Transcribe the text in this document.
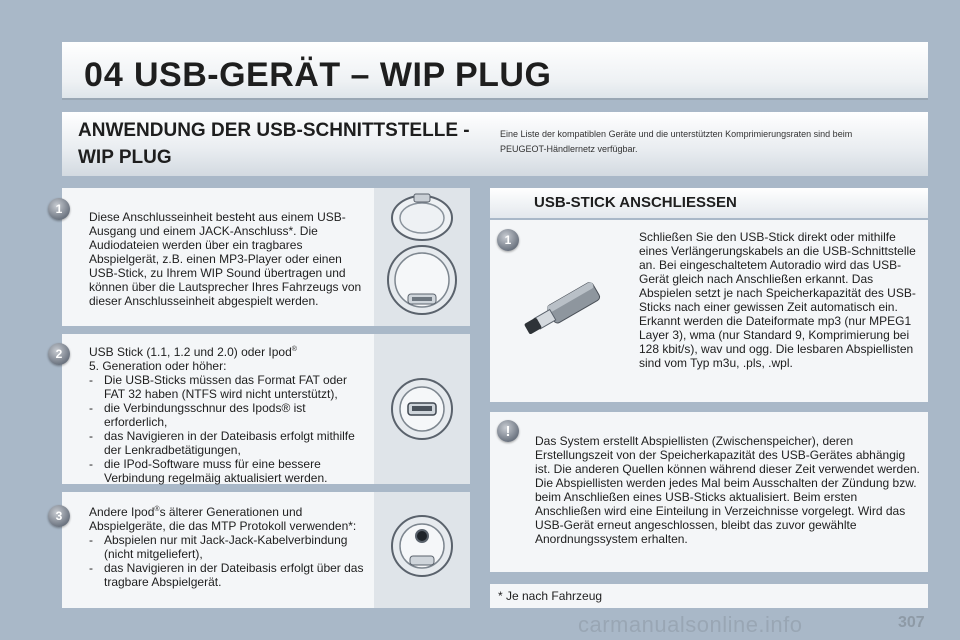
04 USB-GERÄT – WIP PLUG
ANWENDUNG DER USB-SCHNITTSTELLE - WIP PLUG
Eine Liste der kompatiblen Geräte und die unterstützten Komprimierungsraten sind beim PEUGEOT-Händlernetz verfügbar.
1
Diese Anschlusseinheit besteht aus einem USB-Ausgang und einem JACK-Anschluss*. Die Audiodateien werden über ein tragbares Abspielgerät, z.B. einen MP3-Player oder einen USB-Stick, zu Ihrem WIP Sound übertragen und können über die Lautsprecher Ihres Fahrzeugs von dieser Anschlusseinheit abgespielt werden.
2	USB Stick (1.1, 1.2 und 2.0) oder Ipod®
5. Generation oder höher:
- Die USB-Sticks müssen das Format FAT oder FAT 32 haben (NTFS wird nicht unterstützt),
- die Verbindungsschnur des Ipods® ist erforderlich,
- das Navigieren in der Dateibasis erfolgt mithilfe der Lenkradbetätigungen,
- die IPod-Software muss für eine bessere Verbindung regelmäig aktualisiert werden.
3	Andere Ipod®s älterer Generationen und Abspielgeräte, die das MTP Protokoll verwenden*:
- Abspielen nur mit Jack-Jack-Kabelverbindung (nicht mitgeliefert),
- das Navigieren in der Dateibasis erfolgt über das tragbare Abspielgerät.
USB-STICK ANSCHLIESSEN
1	Schließen Sie den USB-Stick direkt oder mithilfe eines Verlängerungskabels an die USB-Schnittstelle an. Bei eingeschaltetem Autoradio wird das USB-Gerät gleich nach Anschließen erkannt. Das Abspielen setzt je nach Speicherkapazität des USB-Sticks nach einer gewissen Zeit automatisch ein. Erkannt werden die Dateiformate mp3 (nur MPEG1 Layer 3), wma (nur Standard 9, Komprimierung bei 128 kbit/s), wav und ogg. Die lesbaren Abspiellisten sind vom Typ m3u, .pls, .wpl.
!
Das System erstellt Abspiellisten (Zwischenspeicher), deren Erstellungszeit von der Speicherkapazität des USB-Gerätes abhängig ist. Die anderen Quellen können während dieser Zeit verwendet werden. Die Abspiellisten werden jedes Mal beim Ausschalten der Zündung bzw. beim Anschließen eines USB-Sticks aktualisiert. Beim ersten Anschließen wird eine Einteilung in Verzeichnisse vorgelegt. Wird das USB-Gerät erneut angeschlossen, bleibt das zuvor gewählte Anordnungssystem erhalten.
* Je nach Fahrzeug
carmanualsonline.info	307
